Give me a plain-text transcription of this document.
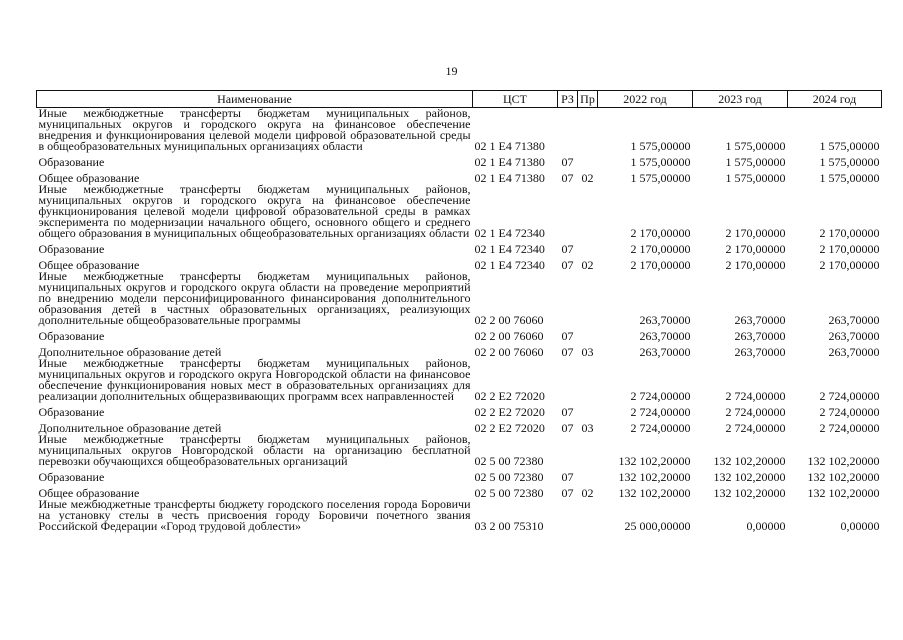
19
Наименование	ЦСТ	РЗ	Пр	2022 год	2023 год	2024 год
Иные межбюджетные трансферты бюджетам муниципальных районов, муниципальных округов и городского округа на финансовое обеспечение внедрения и функционирования целевой модели цифровой образовательной среды в общеобразовательных муниципальных организациях области	02 1 Е4 71380			1 575,00000	1 575,00000	1 575,00000
Образование	02 1 Е4 71380	07		1 575,00000	1 575,00000	1 575,00000
Общее образование	02 1 Е4 71380	07	02	1 575,00000	1 575,00000	1 575,00000
Иные межбюджетные трансферты бюджетам муниципальных районов, муниципальных округов и городского округа на финансовое обеспечение функционирования целевой модели цифровой образовательной среды в рамках эксперимента по модернизации начального общего, основного общего и среднего общего образования в муниципальных общеобразовательных организациях области	02 1 Е4 72340			2 170,00000	2 170,00000	2 170,00000
Образование	02 1 Е4 72340	07		2 170,00000	2 170,00000	2 170,00000
Общее образование	02 1 Е4 72340	07	02	2 170,00000	2 170,00000	2 170,00000
Иные межбюджетные трансферты бюджетам муниципальных районов, муниципальных округов и городского округа области на проведение мероприятий по внедрению модели персонифицированного финансирования дополнительного образования детей в частных образовательных организациях, реализующих дополнительные общеобразовательные программы	02 2 00 76060			263,70000	263,70000	263,70000
Образование	02 2 00 76060	07		263,70000	263,70000	263,70000
Дополнительное образование детей	02 2 00 76060	07	03	263,70000	263,70000	263,70000
Иные межбюджетные трансферты бюджетам муниципальных районов, муниципальных округов и городского округа Новгородской области на финансовое обеспечение функционирования новых мест в образовательных организациях для реализации дополнительных общеразвивающих программ всех направленностей	02 2 Е2 72020			2 724,00000	2 724,00000	2 724,00000
Образование	02 2 Е2 72020	07		2 724,00000	2 724,00000	2 724,00000
Дополнительное образование детей	02 2 Е2 72020	07	03	2 724,00000	2 724,00000	2 724,00000
Иные межбюджетные трансферты бюджетам муниципальных районов, муниципальных округов Новгородской области на организацию бесплатной перевозки обучающихся общеобразовательных организаций	02 5 00 72380			132 102,20000	132 102,20000	132 102,20000
Образование	02 5 00 72380	07		132 102,20000	132 102,20000	132 102,20000
Общее образование	02 5 00 72380	07	02	132 102,20000	132 102,20000	132 102,20000
Иные межбюджетные трансферты бюджету городского поселения города Боровичи на установку стелы в честь присвоения городу Боровичи почетного звания Российской Федерации «Город трудовой доблести»	03 2 00 75310			25 000,00000	0,00000	0,00000
